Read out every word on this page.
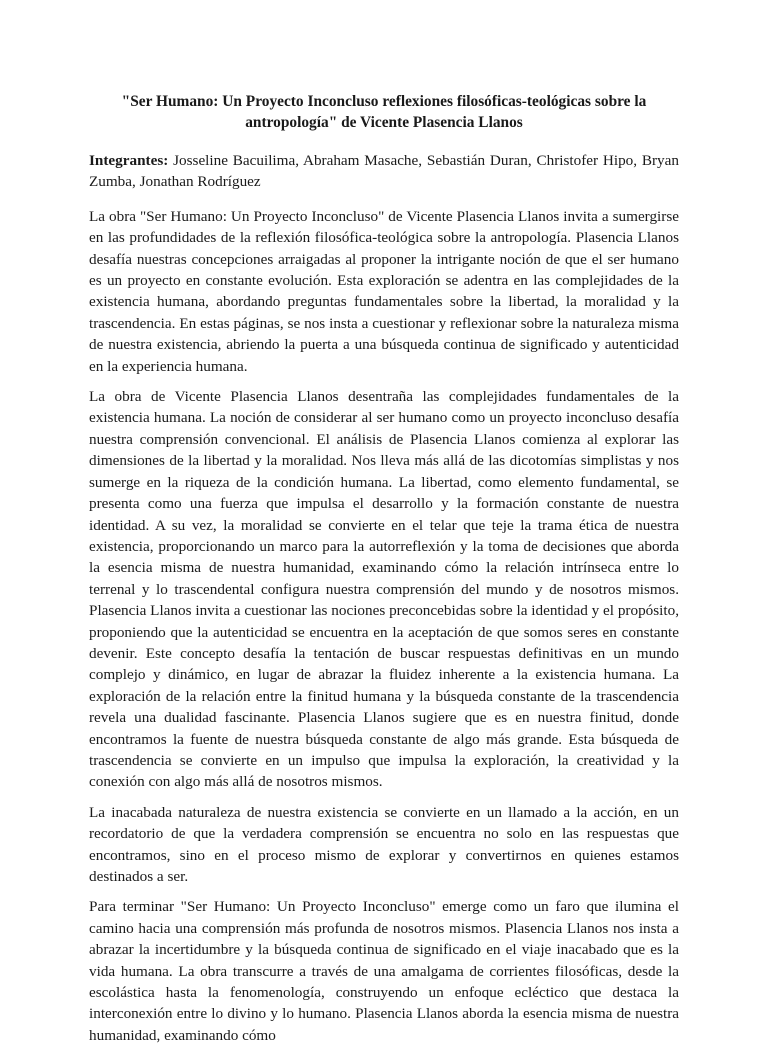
"Ser Humano: Un Proyecto Inconcluso reflexiones filosóficas-teológicas sobre la antropología" de Vicente Plasencia Llanos

Integrantes: Josseline Bacuilima, Abraham Masache, Sebastián Duran, Christofer Hipo, Bryan Zumba, Jonathan Rodríguez

La obra "Ser Humano: Un Proyecto Inconcluso" de Vicente Plasencia Llanos invita a sumergirse en las profundidades de la reflexión filosófica-teológica sobre la antropología. Plasencia Llanos desafía nuestras concepciones arraigadas al proponer la intrigante noción de que el ser humano es un proyecto en constante evolución. Esta exploración se adentra en las complejidades de la existencia humana, abordando preguntas fundamentales sobre la libertad, la moralidad y la trascendencia. En estas páginas, se nos insta a cuestionar y reflexionar sobre la naturaleza misma de nuestra existencia, abriendo la puerta a una búsqueda continua de significado y autenticidad en la experiencia humana.

La obra de Vicente Plasencia Llanos desentraña las complejidades fundamentales de la existencia humana. La noción de considerar al ser humano como un proyecto inconcluso desafía nuestra comprensión convencional. El análisis de Plasencia Llanos comienza al explorar las dimensiones de la libertad y la moralidad. Nos lleva más allá de las dicotomías simplistas y nos sumerge en la riqueza de la condición humana. La libertad, como elemento fundamental, se presenta como una fuerza que impulsa el desarrollo y la formación constante de nuestra identidad. A su vez, la moralidad se convierte en el telar que teje la trama ética de nuestra existencia, proporcionando un marco para la autorreflexión y la toma de decisiones que aborda la esencia misma de nuestra humanidad, examinando cómo la relación intrínseca entre lo terrenal y lo trascendental configura nuestra comprensión del mundo y de nosotros mismos. Plasencia Llanos invita a cuestionar las nociones preconcebidas sobre la identidad y el propósito, proponiendo que la autenticidad se encuentra en la aceptación de que somos seres en constante devenir. Este concepto desafía la tentación de buscar respuestas definitivas en un mundo complejo y dinámico, en lugar de abrazar la fluidez inherente a la existencia humana. La exploración de la relación entre la finitud humana y la búsqueda constante de la trascendencia revela una dualidad fascinante. Plasencia Llanos sugiere que es en nuestra finitud, donde encontramos la fuente de nuestra búsqueda constante de algo más grande. Esta búsqueda de trascendencia se convierte en un impulso que impulsa la exploración, la creatividad y la conexión con algo más allá de nosotros mismos.

La inacabada naturaleza de nuestra existencia se convierte en un llamado a la acción, en un recordatorio de que la verdadera comprensión se encuentra no solo en las respuestas que encontramos, sino en el proceso mismo de explorar y convertirnos en quienes estamos destinados a ser.

Para terminar "Ser Humano: Un Proyecto Inconcluso" emerge como un faro que ilumina el camino hacia una comprensión más profunda de nosotros mismos. Plasencia Llanos nos insta a abrazar la incertidumbre y la búsqueda continua de significado en el viaje inacabado que es la vida humana. La obra transcurre a través de una amalgama de corrientes filosóficas, desde la escolástica hasta la fenomenología, construyendo un enfoque ecléctico que destaca la interconexión entre lo divino y lo humano. Plasencia Llanos aborda la esencia misma de nuestra humanidad, examinando cómo
